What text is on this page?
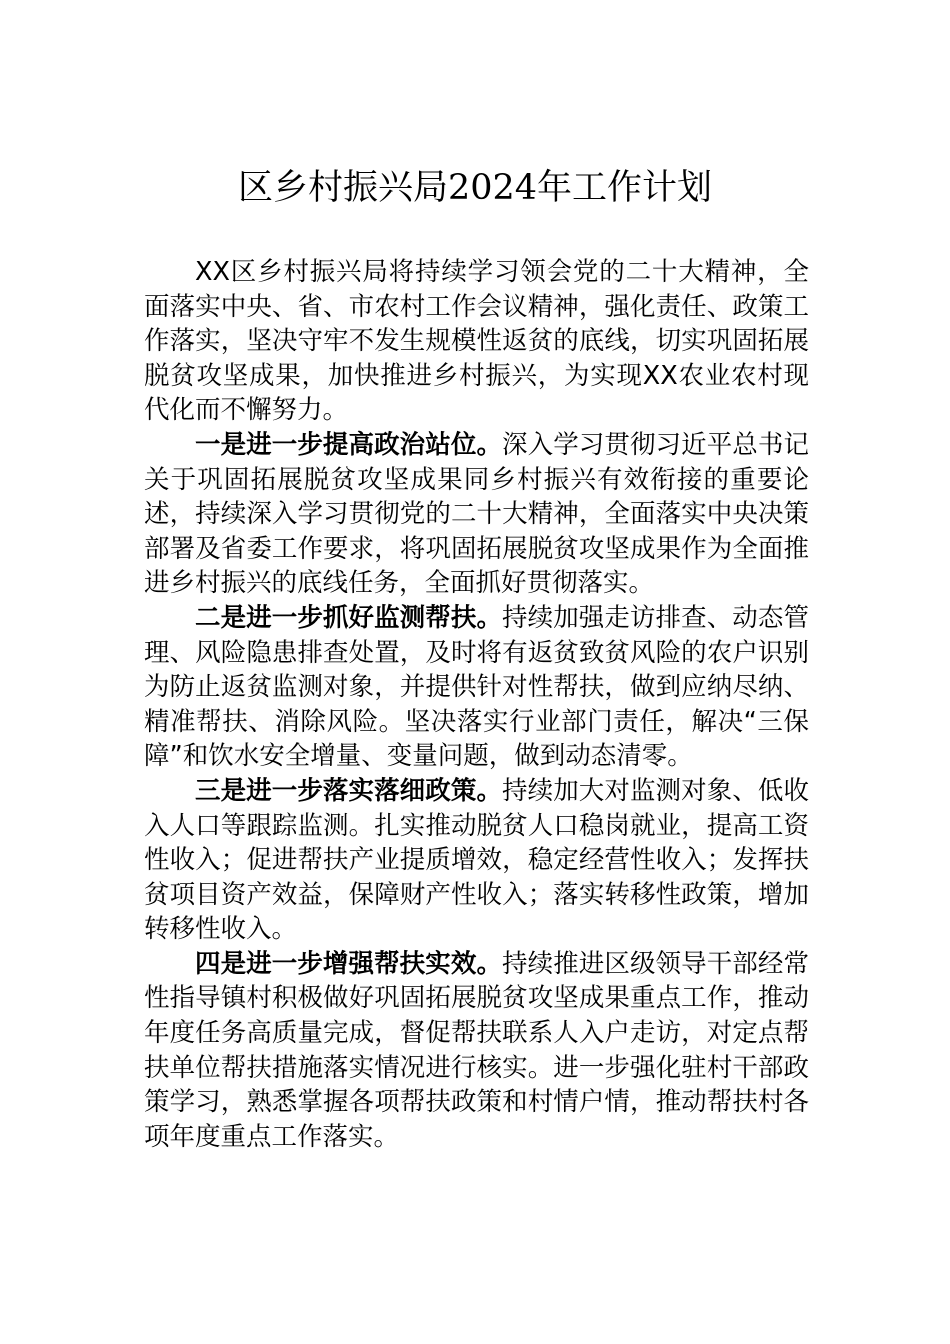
区乡村振兴局2024年工作计划

XX区乡村振兴局将持续学习领会党的二十大精神，全面落实中央、省、市农村工作会议精神，强化责任、政策工作落实，坚决守牢不发生规模性返贫的底线，切实巩固拓展脱贫攻坚成果，加快推进乡村振兴，为实现XX农业农村现代化而不懈努力。

一是进一步提高政治站位。深入学习贯彻习近平总书记关于巩固拓展脱贫攻坚成果同乡村振兴有效衔接的重要论述，持续深入学习贯彻党的二十大精神，全面落实中央决策部署及省委工作要求，将巩固拓展脱贫攻坚成果作为全面推进乡村振兴的底线任务，全面抓好贯彻落实。

二是进一步抓好监测帮扶。持续加强走访排查、动态管理、风险隐患排查处置，及时将有返贫致贫风险的农户识别为防止返贫监测对象，并提供针对性帮扶，做到应纳尽纳、精准帮扶、消除风险。坚决落实行业部门责任，解决“三保障”和饮水安全增量、变量问题，做到动态清零。

三是进一步落实落细政策。持续加大对监测对象、低收入人口等跟踪监测。扎实推动脱贫人口稳岗就业，提高工资性收入；促进帮扶产业提质增效，稳定经营性收入；发挥扶贫项目资产效益，保障财产性收入；落实转移性政策，增加转移性收入。

四是进一步增强帮扶实效。持续推进区级领导干部经常性指导镇村积极做好巩固拓展脱贫攻坚成果重点工作，推动年度任务高质量完成，督促帮扶联系人入户走访，对定点帮扶单位帮扶措施落实情况进行核实。进一步强化驻村干部政策学习，熟悉掌握各项帮扶政策和村情户情，推动帮扶村各项年度重点工作落实。
